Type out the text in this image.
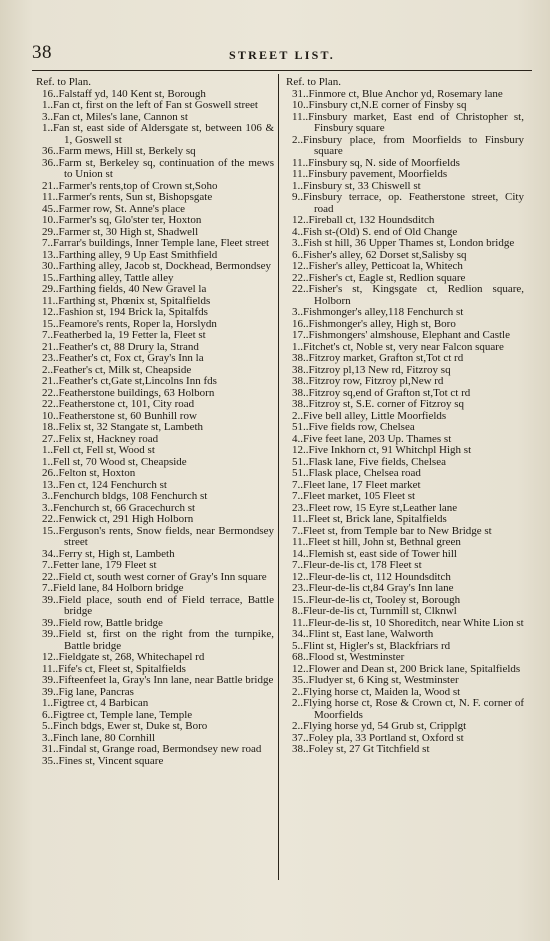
38	STREET LIST.
Ref. to Plan.
16..Falstaff yd, 140 Kent st, Borough
1..Fan ct, first on the left of Fan st Goswell street
3..Fan ct, Miles's lane, Cannon st
1..Fan st, east side of Aldersgate st, between 106 & 1, Goswell st
36..Farm mews, Hill st, Berkely sq
36..Farm st, Berkeley sq, continuation of the mews to Union st
21..Farmer's rents,top of Crown st,Soho
11..Farmer's rents, Sun st, Bishopsgate
45..Farmer row, St. Anne's place
10..Farmer's sq, Glo'ster ter, Hoxton
29..Farmer st, 30 High st, Shadwell
7..Farrar's buildings, Inner Temple lane, Fleet street
13..Farthing alley, 9 Up East Smithfield
30..Farthing alley, Jacob st, Dockhead, Bermondsey
15..Farthing alley, Tattle alley
29..Farthing fields, 40 New Gravel la
11..Farthing st, Phœnix st, Spitalfields
12..Fashion st, 194 Brick la, Spitalfds
15..Feamore's rents, Roper la, Horslydn
7..Featherbed la, 19 Fetter la, Fleet st
21..Feather's ct, 88 Drury la, Strand
23..Feather's ct, Fox ct, Gray's Inn la
2..Feather's ct, Milk st, Cheapside
21..Feather's ct,Gate st,Lincolns Inn fds
22..Featherstone buildings, 63 Holborn
22..Featherstone ct, 101, City road
10..Featherstone st, 60 Bunhill row
18..Felix st, 32 Stangate st, Lambeth
27..Felix st, Hackney road
1..Fell ct, Fell st, Wood st
1..Fell st, 70 Wood st, Cheapside
26..Felton st, Hoxton
13..Fen ct, 124 Fenchurch st
3..Fenchurch bldgs, 108 Fenchurch st
3..Fenchurch st, 66 Gracechurch st
22..Fenwick ct, 291 High Holborn
15..Ferguson's rents, Snow fields, near Bermondsey street
34..Ferry st, High st, Lambeth
7..Fetter lane, 179 Fleet st
22..Field ct, south west corner of Gray's Inn square
7..Field lane, 84 Holborn bridge
39..Field place, south end of Field terrace, Battle bridge
39..Field row, Battle bridge
39..Field st, first on the right from the turnpike, Battle bridge
12..Fieldgate st, 268, Whitechapel rd
11..Fife's ct, Fleet st, Spitalfields
39..Fifteenfeet la, Gray's Inn lane, near Battle bridge
39..Fig lane, Pancras
1..Figtree ct, 4 Barbican
6..Figtree ct, Temple lane, Temple
5..Finch bdgs, Ewer st, Duke st, Boro
3..Finch lane, 80 Cornhill
31..Findal st, Grange road, Bermondsey new road
35..Fines st, Vincent square
Ref. to Plan.
31..Finmore ct, Blue Anchor yd, Rosemary lane
10..Finsbury ct,N.E corner of Finsby sq
11..Finsbury market, East end of Christopher st, Finsbury square
2..Finsbury place, from Moorfields to Finsbury square
11..Finsbury sq, N. side of Moorfields
11..Finsbury pavement, Moorfields
1..Finsbury st, 33 Chiswell st
9..Finsbury terrace, op. Featherstone street, City road
12..Fireball ct, 132 Houndsditch
4..Fish st-(Old) S. end of Old Change
3..Fish st hill, 36 Upper Thames st, London bridge
6..Fisher's alley, 62 Dorset st,Salisby sq
12..Fisher's alley, Petticoat la, Whitech
22..Fisher's ct, Eagle st, Redlion square
22..Fisher's st, Kingsgate ct, Redlion square, Holborn
3..Fishmonger's alley,118 Fenchurch st
16..Fishmonger's alley, High st, Boro
17..Fishmongers' almshouse, Elephant and Castle
1..Fitchet's ct, Noble st, very near Falcon square
38..Fitzroy market, Grafton st,Tot ct rd
38..Fitzroy pl,13 New rd, Fitzroy sq
38..Fitzroy row, Fitzroy pl,New rd
38..Fitzroy sq,end of Grafton st,Tot ct rd
38..Fitzroy st, S.E. corner of Fitzroy sq
2..Five bell alley, Little Moorfields
51..Five fields row, Chelsea
4..Five feet lane, 203 Up. Thames st
12..Five Inkhorn ct, 91 Whitchpl High st
51..Flask lane, Five fields, Chelsea
51..Flask place, Chelsea road
7..Fleet lane, 17 Fleet market
7..Fleet market, 105 Fleet st
23..Fleet row, 15 Eyre st,Leather lane
11..Fleet st, Brick lane, Spitalfields
7..Fleet st, from Temple bar to New Bridge st
11..Fleet st hill, John st, Bethnal green
14..Flemish st, east side of Tower hill
7..Fleur-de-lis ct, 178 Fleet st
12..Fleur-de-lis ct, 112 Houndsditch
23..Fleur-de-lis ct,84 Gray's Inn lane
15..Fleur-de-lis ct, Tooley st, Borough
8..Fleur-de-lis ct, Turnmill st, Clknwl
11..Fleur-de-lis st, 10 Shoreditch, near White Lion st
34..Flint st, East lane, Walworth
5..Flint st, Higler's st, Blackfriars rd
68..Flood st, Westminster
12..Flower and Dean st, 200 Brick lane, Spitalfields
35..Fludyer st, 6 King st, Westminster
2..Flying horse ct, Maiden la, Wood st
2..Flying horse ct, Rose & Crown ct, N. F. corner of Moorfields
2..Flying horse yd, 54 Grub st, Cripplgt
37..Foley pla, 33 Portland st, Oxford st
38..Foley st, 27 Gt Titchfield st
